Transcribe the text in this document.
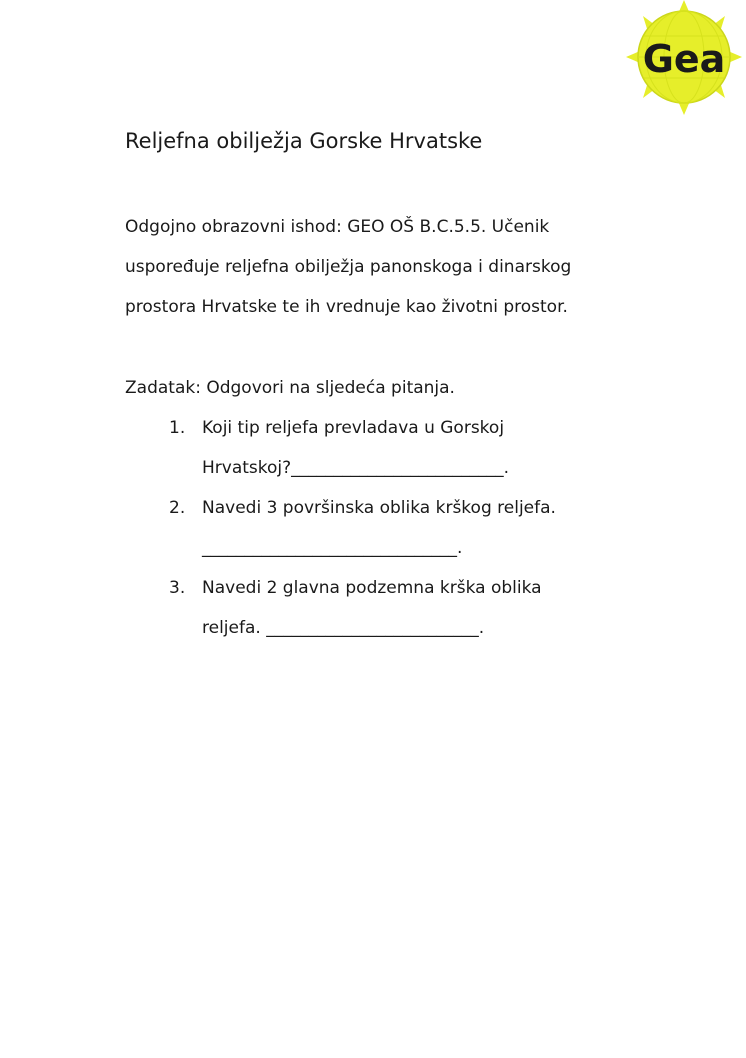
Gea
Reljefna obilježja Gorske Hrvatske
Odgojno obrazovni ishod: GEO OŠ B.C.5.5. Učenik
uspoređuje reljefna obilježja panonskoga i dinarskog
prostora Hrvatske te ih vrednuje kao životni prostor.
Zadatak: Odgovori na sljedeća pitanja.
1. Koji tip reljefa prevladava u Gorskoj
Hrvatskoj?_________________________.
2. Navedi 3 površinska oblika krškog reljefa.
______________________________.
3. Navedi 2 glavna podzemna krška oblika
reljefa. _________________________.
